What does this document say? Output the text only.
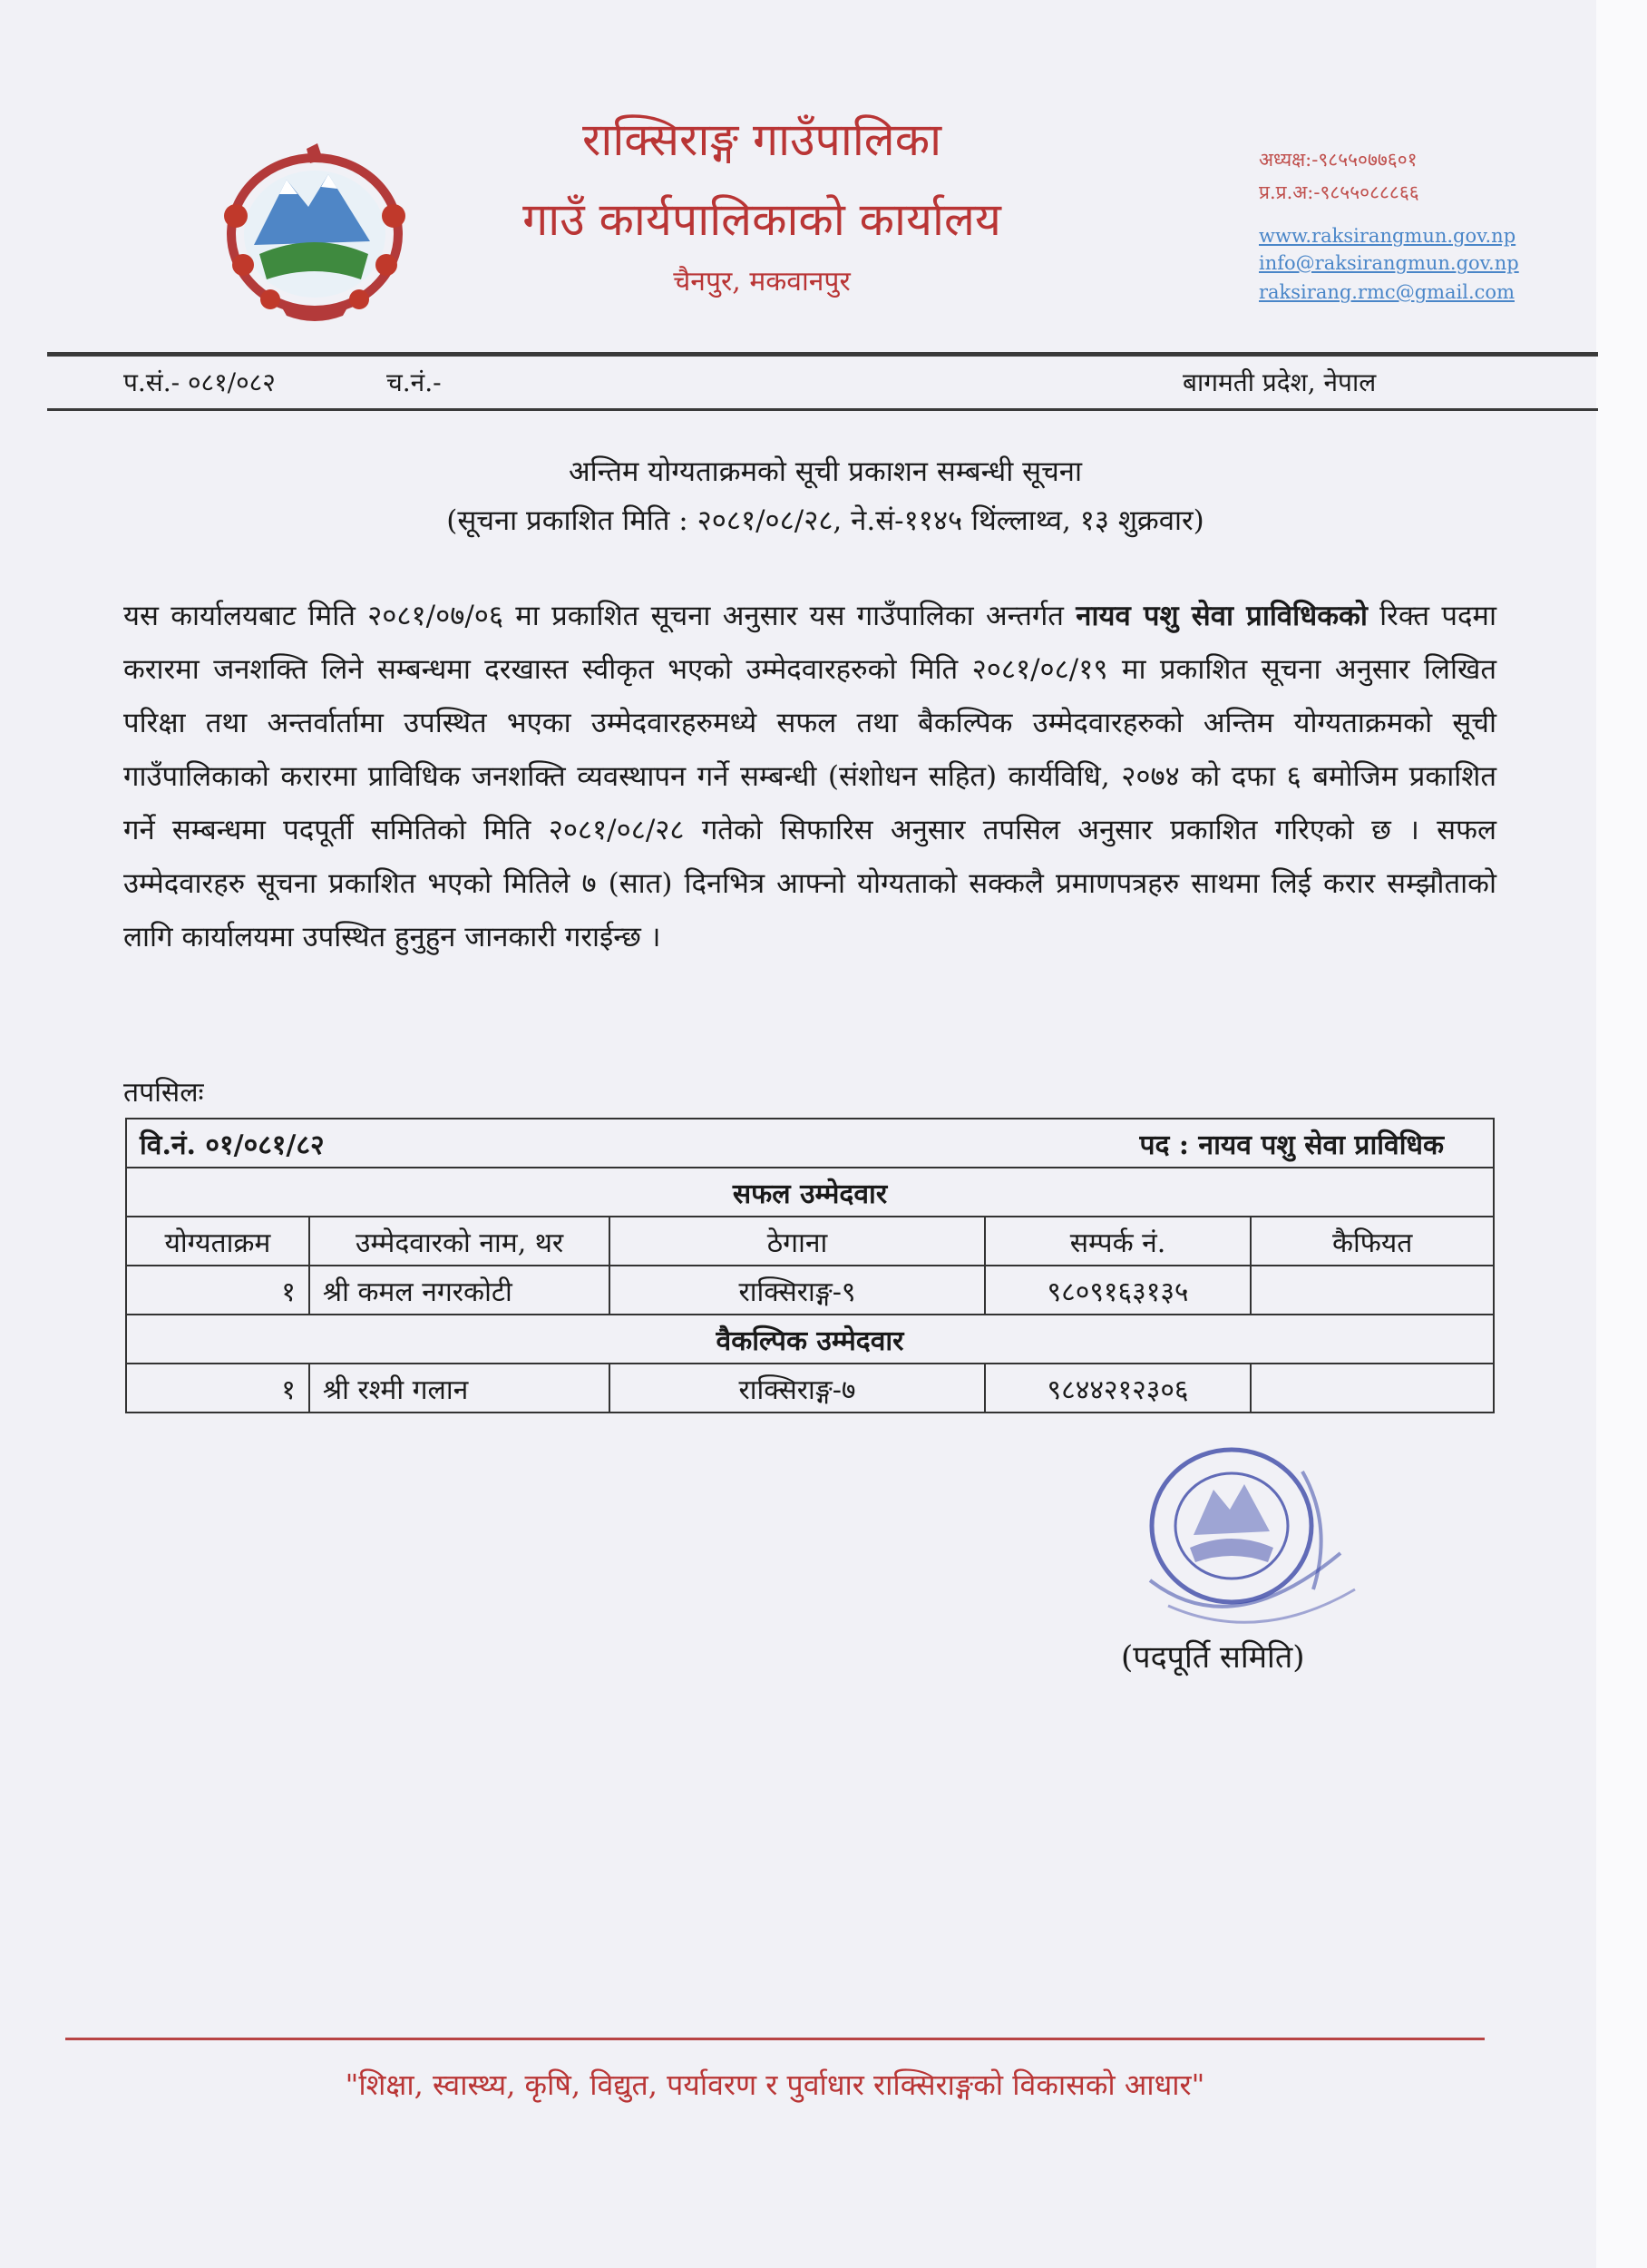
राक्सिराङ्ग गाउँपालिका
गाउँ कार्यपालिकाको कार्यालय
चैनपुर, मकवानपुर
अध्यक्ष:-९८५५०७७६०१
प्र.प्र.अ:-९८५५०८८८६६
www.raksirangmun.gov.np
info@raksirangmun.gov.np
raksirang.rmc@gmail.com
प.सं.- ०८१/०८२	च.नं.-	बागमती प्रदेश, नेपाल
अन्तिम योग्यताक्रमको सूची प्रकाशन सम्बन्धी सूचना
(सूचना प्रकाशित मिति : २०८१/०८/२८, ने.सं-११४५ थिंल्लाथ्व, १३ शुक्रवार)
यस कार्यालयबाट मिति २०८१/०७/०६ मा प्रकाशित सूचना अनुसार यस गाउँपालिका अन्तर्गत नायव पशु सेवा प्राविधिकको रिक्त पदमा करारमा जनशक्ति लिने सम्बन्धमा दरखास्त स्वीकृत भएको उम्मेदवारहरुको मिति २०८१/०८/१९ मा प्रकाशित सूचना अनुसार लिखित परिक्षा तथा अन्तर्वार्तामा उपस्थित भएका उम्मेदवारहरुमध्ये सफल तथा बैकल्पिक उम्मेदवारहरुको अन्तिम योग्यताक्रमको सूची गाउँपालिकाको करारमा प्राविधिक जनशक्ति व्यवस्थापन गर्ने सम्बन्धी (संशोधन सहित) कार्यविधि, २०७४ को दफा ६ बमोजिम प्रकाशित गर्ने सम्बन्धमा पदपूर्ती समितिको मिति २०८१/०८/२८ गतेको सिफारिस अनुसार तपसिल अनुसार प्रकाशित गरिएको छ । सफल उम्मेदवारहरु सूचना प्रकाशित भएको मितिले ७ (सात) दिनभित्र आफ्नो योग्यताको सक्कलै प्रमाणपत्रहरु साथमा लिई करार सम्झौताको लागि कार्यालयमा उपस्थित हुनुहुन जानकारी गराईन्छ ।
तपसिलः
वि.नं. ०१/०८१/८२ पद : नायव पशु सेवा प्राविधिक				

सफल उम्मेदवार				
योग्यताक्रम	उम्मेदवारको नाम, थर	ठेगाना	सम्पर्क नं.	कैफियत
१	श्री कमल नगरकोटी	राक्सिराङ्ग-९	९८०९१६३१३५	
वैकल्पिक उम्मेदवार				
१	श्री रश्मी गलान	राक्सिराङ्ग-७	९८४४२१२३०६	
(पदपूर्ति समिति)
"शिक्षा, स्वास्थ्य, कृषि, विद्युत, पर्यावरण र पुर्वाधार राक्सिराङ्गको विकासको आधार"
